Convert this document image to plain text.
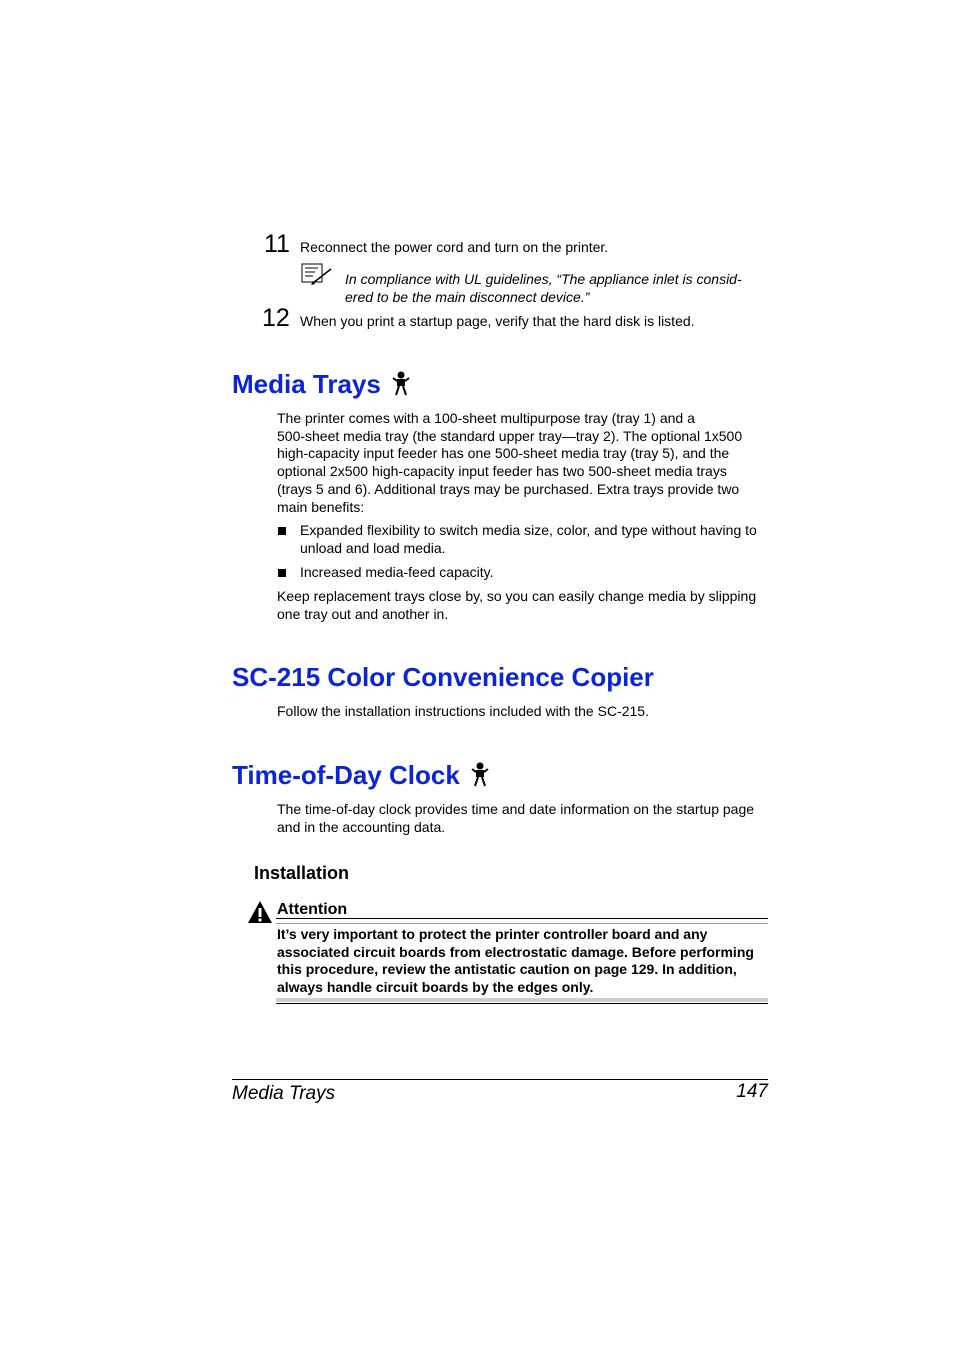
11 Reconnect the power cord and turn on the printer.
In compliance with UL guidelines, “The appliance inlet is consid-
ered to be the main disconnect device.”
12 When you print a startup page, verify that the hard disk is listed.
Media Trays
The printer comes with a 100-sheet multipurpose tray (tray 1) and a
500-sheet media tray (the standard upper tray—tray 2). The optional 1x500
high-capacity input feeder has one 500-sheet media tray (tray 5), and the
optional 2x500 high-capacity input feeder has two 500-sheet media trays
(trays 5 and 6). Additional trays may be purchased. Extra trays provide two
main benefits:
Expanded flexibility to switch media size, color, and type without having to
unload and load media.
Increased media-feed capacity.
Keep replacement trays close by, so you can easily change media by slipping
one tray out and another in.
SC-215 Color Convenience Copier
Follow the installation instructions included with the SC-215.
Time-of-Day Clock
The time-of-day clock provides time and date information on the startup page
and in the accounting data.
Installation
Attention
It’s very important to protect the printer controller board and any
associated circuit boards from electrostatic damage. Before performing
this procedure, review the antistatic caution on page 129. In addition,
always handle circuit boards by the edges only.
Media Trays	147
